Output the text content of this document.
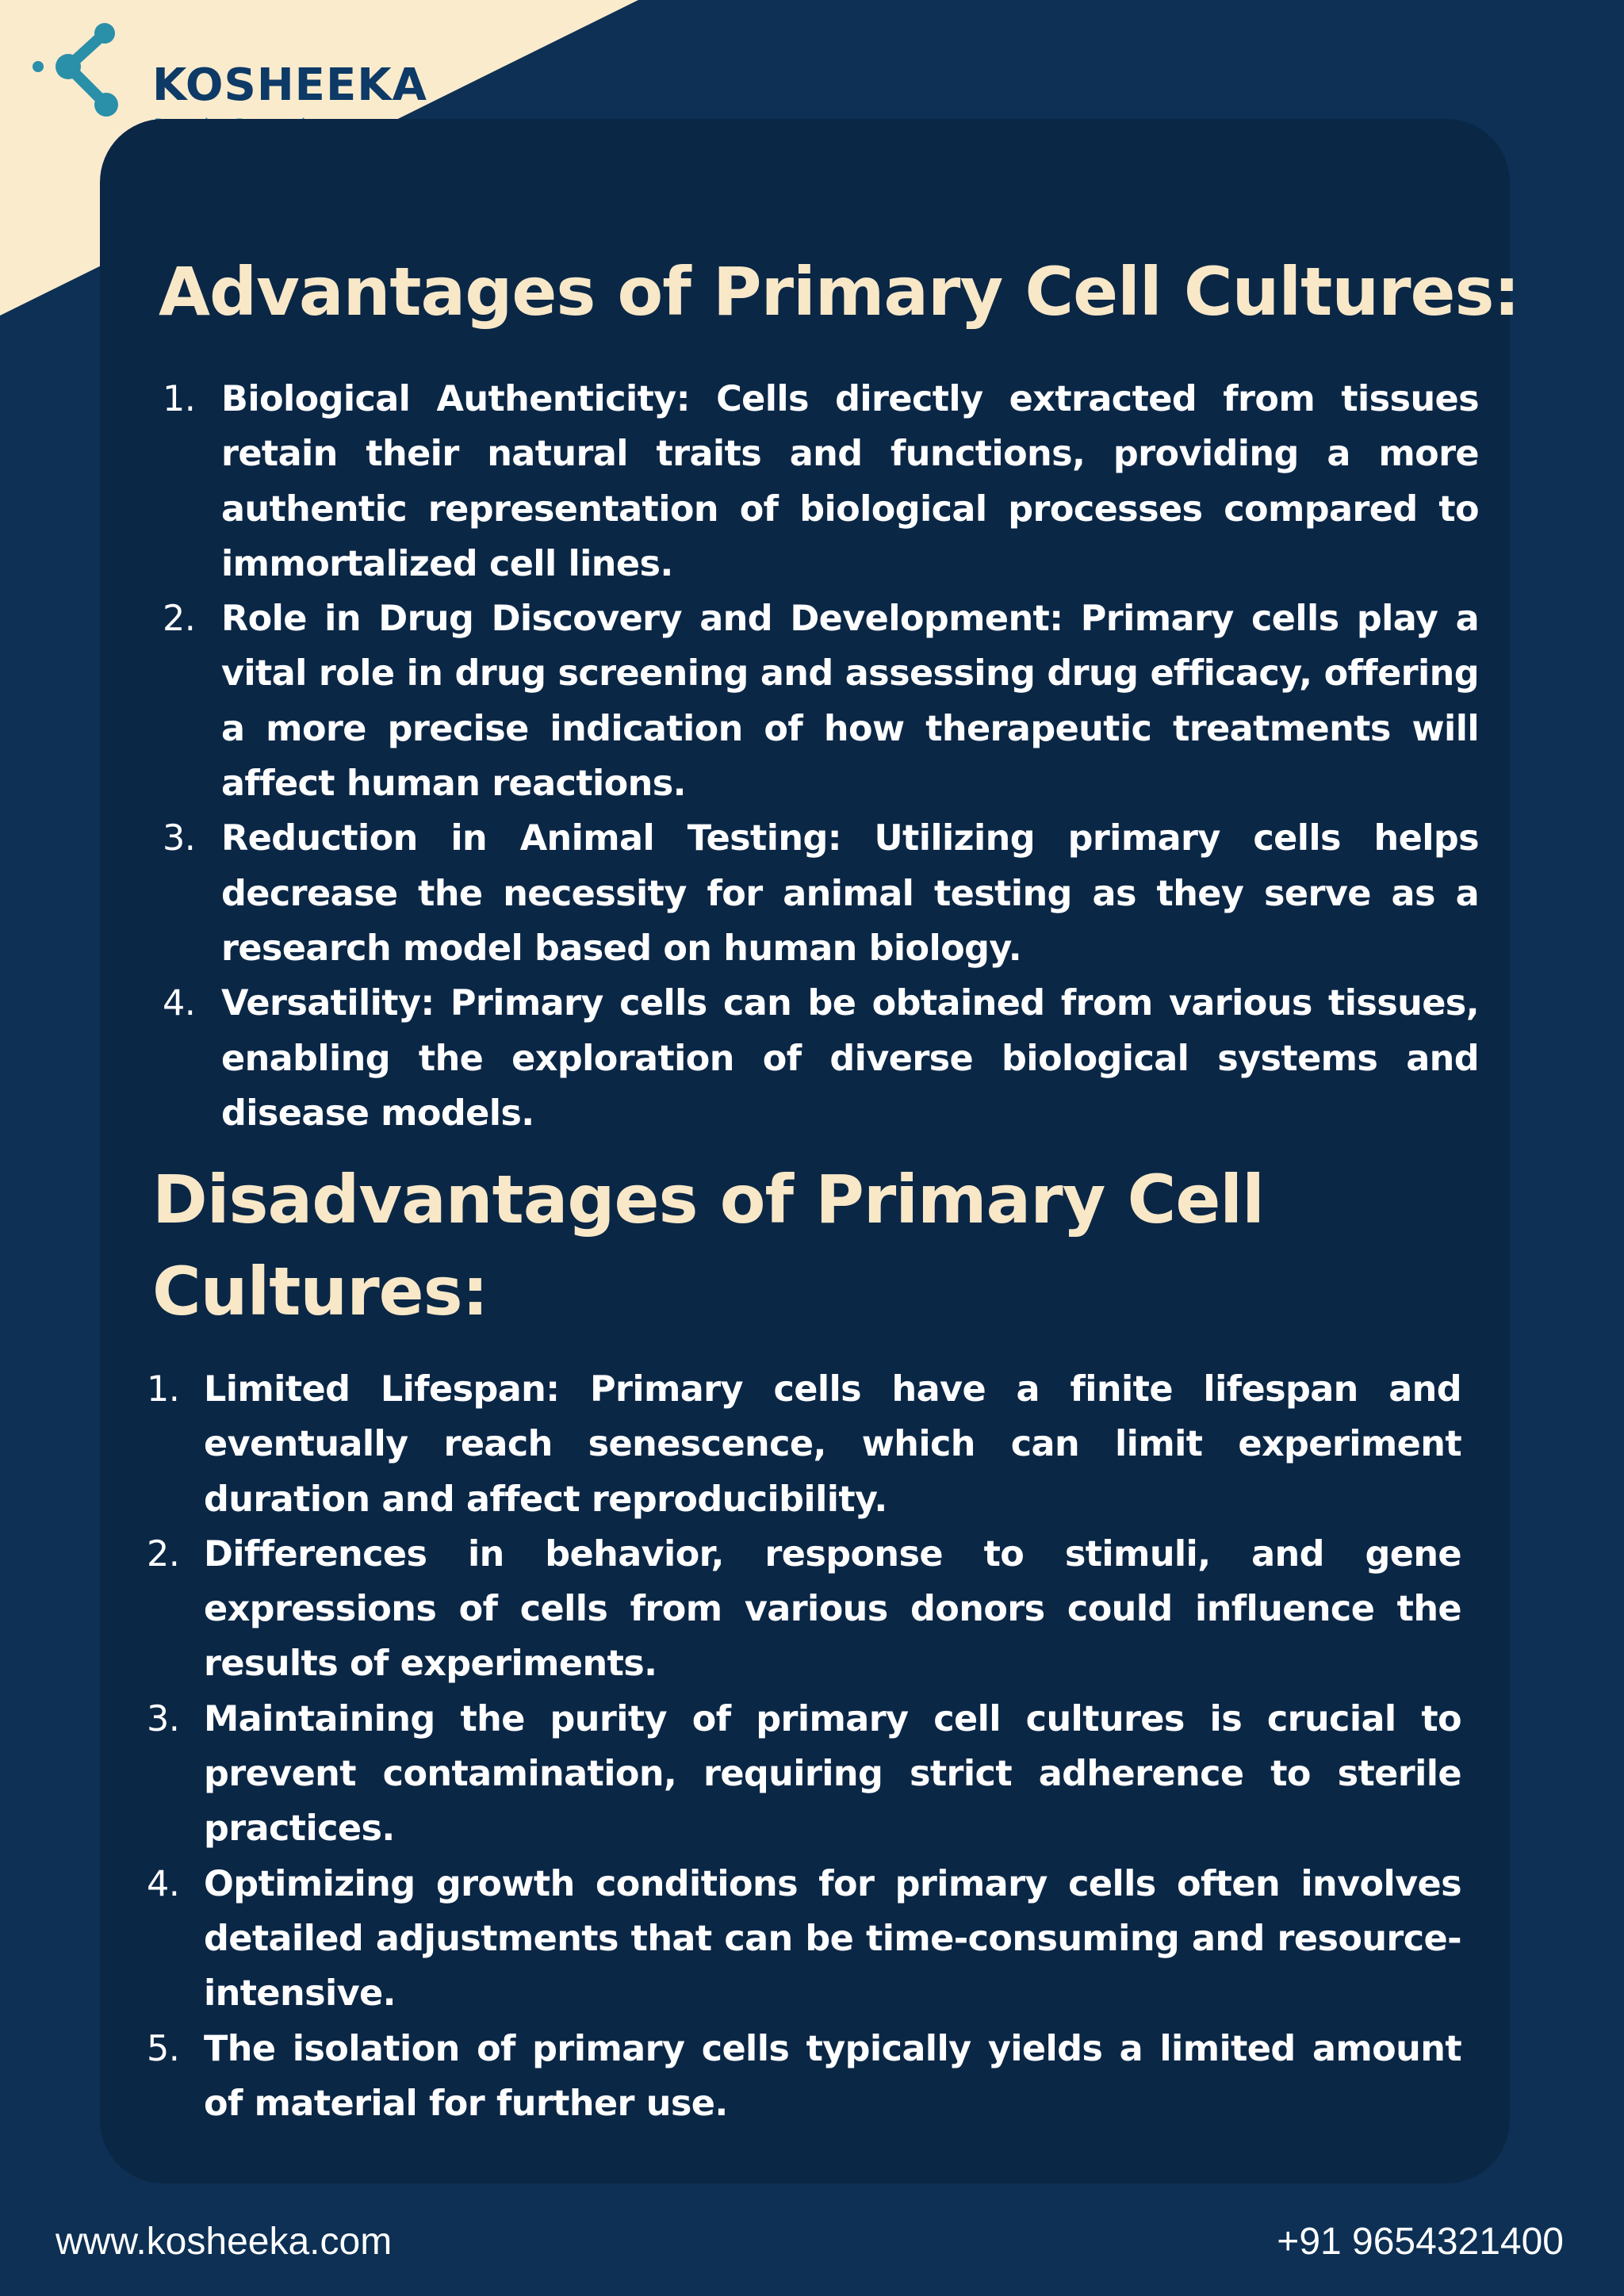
KOSHEEKA
Advantages of Primary Cell Cultures:
1. Biological Authenticity: Cells directly extracted from tissues retain their natural traits and functions, providing a more authentic representation of biological processes compared to immortalized cell lines.
2. Role in Drug Discovery and Development: Primary cells play a vital role in drug screening and assessing drug efficacy, offering a more precise indication of how therapeutic treatments will affect human reactions.
3. Reduction in Animal Testing: Utilizing primary cells helps decrease the necessity for animal testing as they serve as a research model based on human biology.
4. Versatility: Primary cells can be obtained from various tissues, enabling the exploration of diverse biological systems and disease models.
Disadvantages of Primary Cell Cultures:
1. Limited Lifespan: Primary cells have a finite lifespan and eventually reach senescence, which can limit experiment duration and affect reproducibility.
2. Differences in behavior, response to stimuli, and gene expressions of cells from various donors could influence the results of experiments.
3. Maintaining the purity of primary cell cultures is crucial to prevent contamination, requiring strict adherence to sterile practices.
4. Optimizing growth conditions for primary cells often involves detailed adjustments that can be time-consuming and resource-intensive.
5. The isolation of primary cells typically yields a limited amount of material for further use.
www.kosheeka.com	+91 9654321400
